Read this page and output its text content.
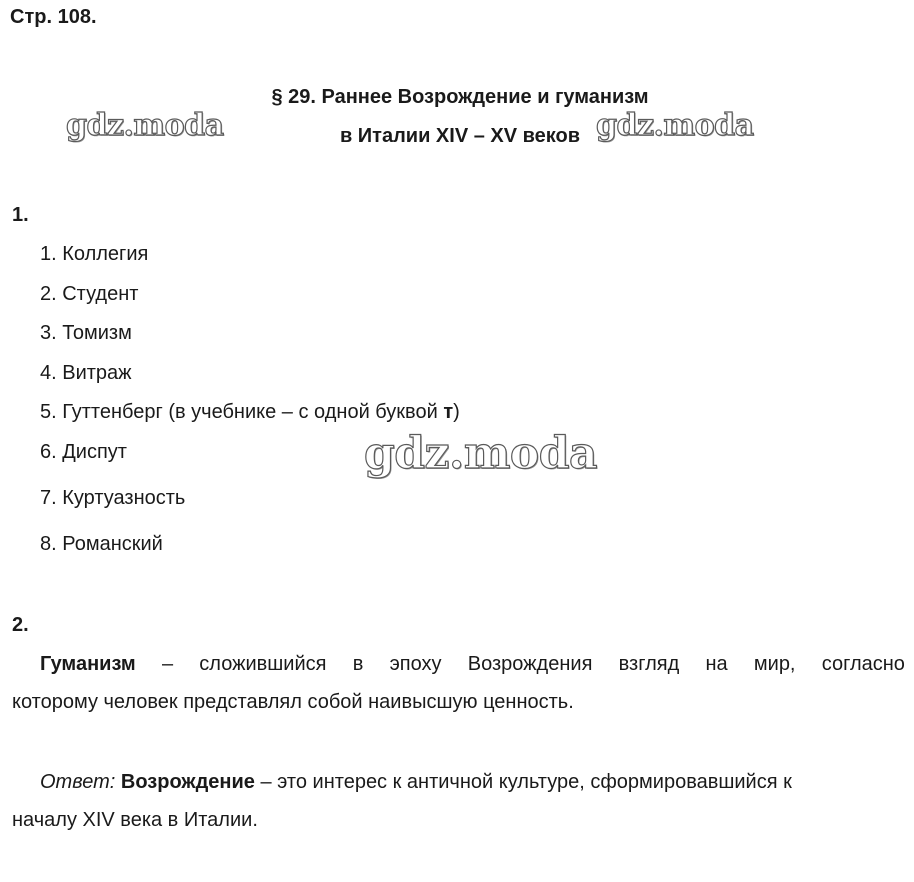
Стр. 108.
§ 29. Раннее Возрождение и гуманизм
в Италии XIV – XV веков
gdz.moda	gdz.moda
1.
1. Коллегия
2. Студент
3. Томизм
4. Витраж
5. Гуттенберг (в учебнике – с одной буквой т)
6. Диспут
7. Куртуазность
8. Романский
gdz.moda
2.
Гуманизм – сложившийся в эпоху Возрождения взгляд на мир, согласно
которому человек представлял собой наивысшую ценность.
Ответ:
Возрождение – это интерес к античной культуре, сформировавшийся к
началу XIV века в Италии.
